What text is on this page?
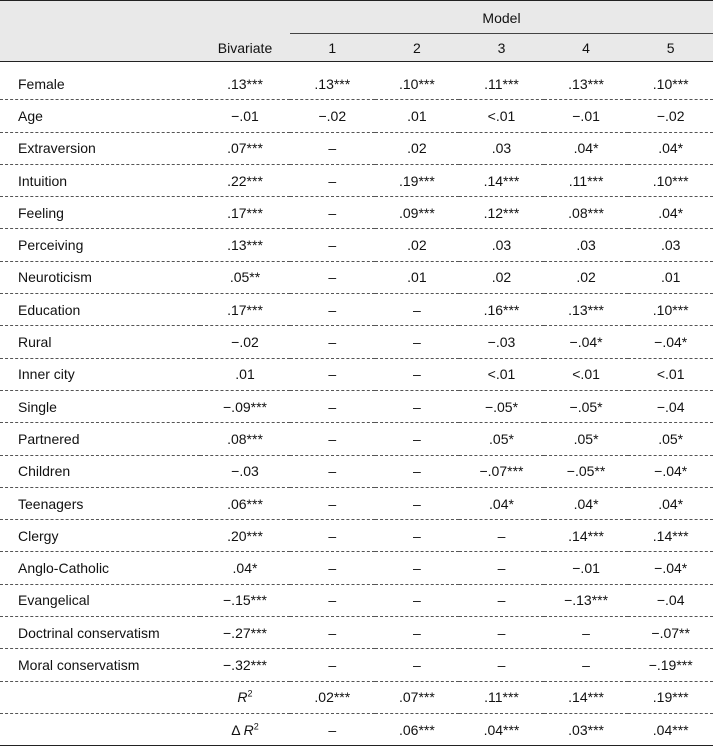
		Model				

	Bivariate	1	2	3	4	5
Female	.13***	.13***	.10***	.11***	.13***	.10***
Age	−.01	−.02	.01	<.01	−.01	−.02
Extraversion	.07***	–	.02	.03	.04*	.04*
Intuition	.22***	–	.19***	.14***	.11***	.10***
Feeling	.17***	–	.09***	.12***	.08***	.04*
Perceiving	.13***	–	.02	.03	.03	.03
Neuroticism	.05**	–	.01	.02	.02	.01
Education	.17***	–	–	.16***	.13***	.10***
Rural	−.02	–	–	−.03	−.04*	−.04*
Inner city	.01	–	–	<.01	<.01	<.01
Single	−.09***	–	–	−.05*	−.05*	−.04
Partnered	.08***	–	–	.05*	.05*	.05*
Children	−.03	–	–	−.07***	−.05**	−.04*
Teenagers	.06***	–	–	.04*	.04*	.04*
Clergy	.20***	–	–	–	.14***	.14***
Anglo-Catholic	.04*	–	–	–	−.01	−.04*
Evangelical	−.15***	–	–	–	−.13***	−.04
Doctrinal conservatism	−.27***	–	–	–	–	−.07**
Moral conservatism	−.32***	–	–	–	–	−.19***
	$R^2$	.02***	.07***	.11***	.14***	.19***
	Δ $R^2$	–	.06***	.04***	.03***	.04***
